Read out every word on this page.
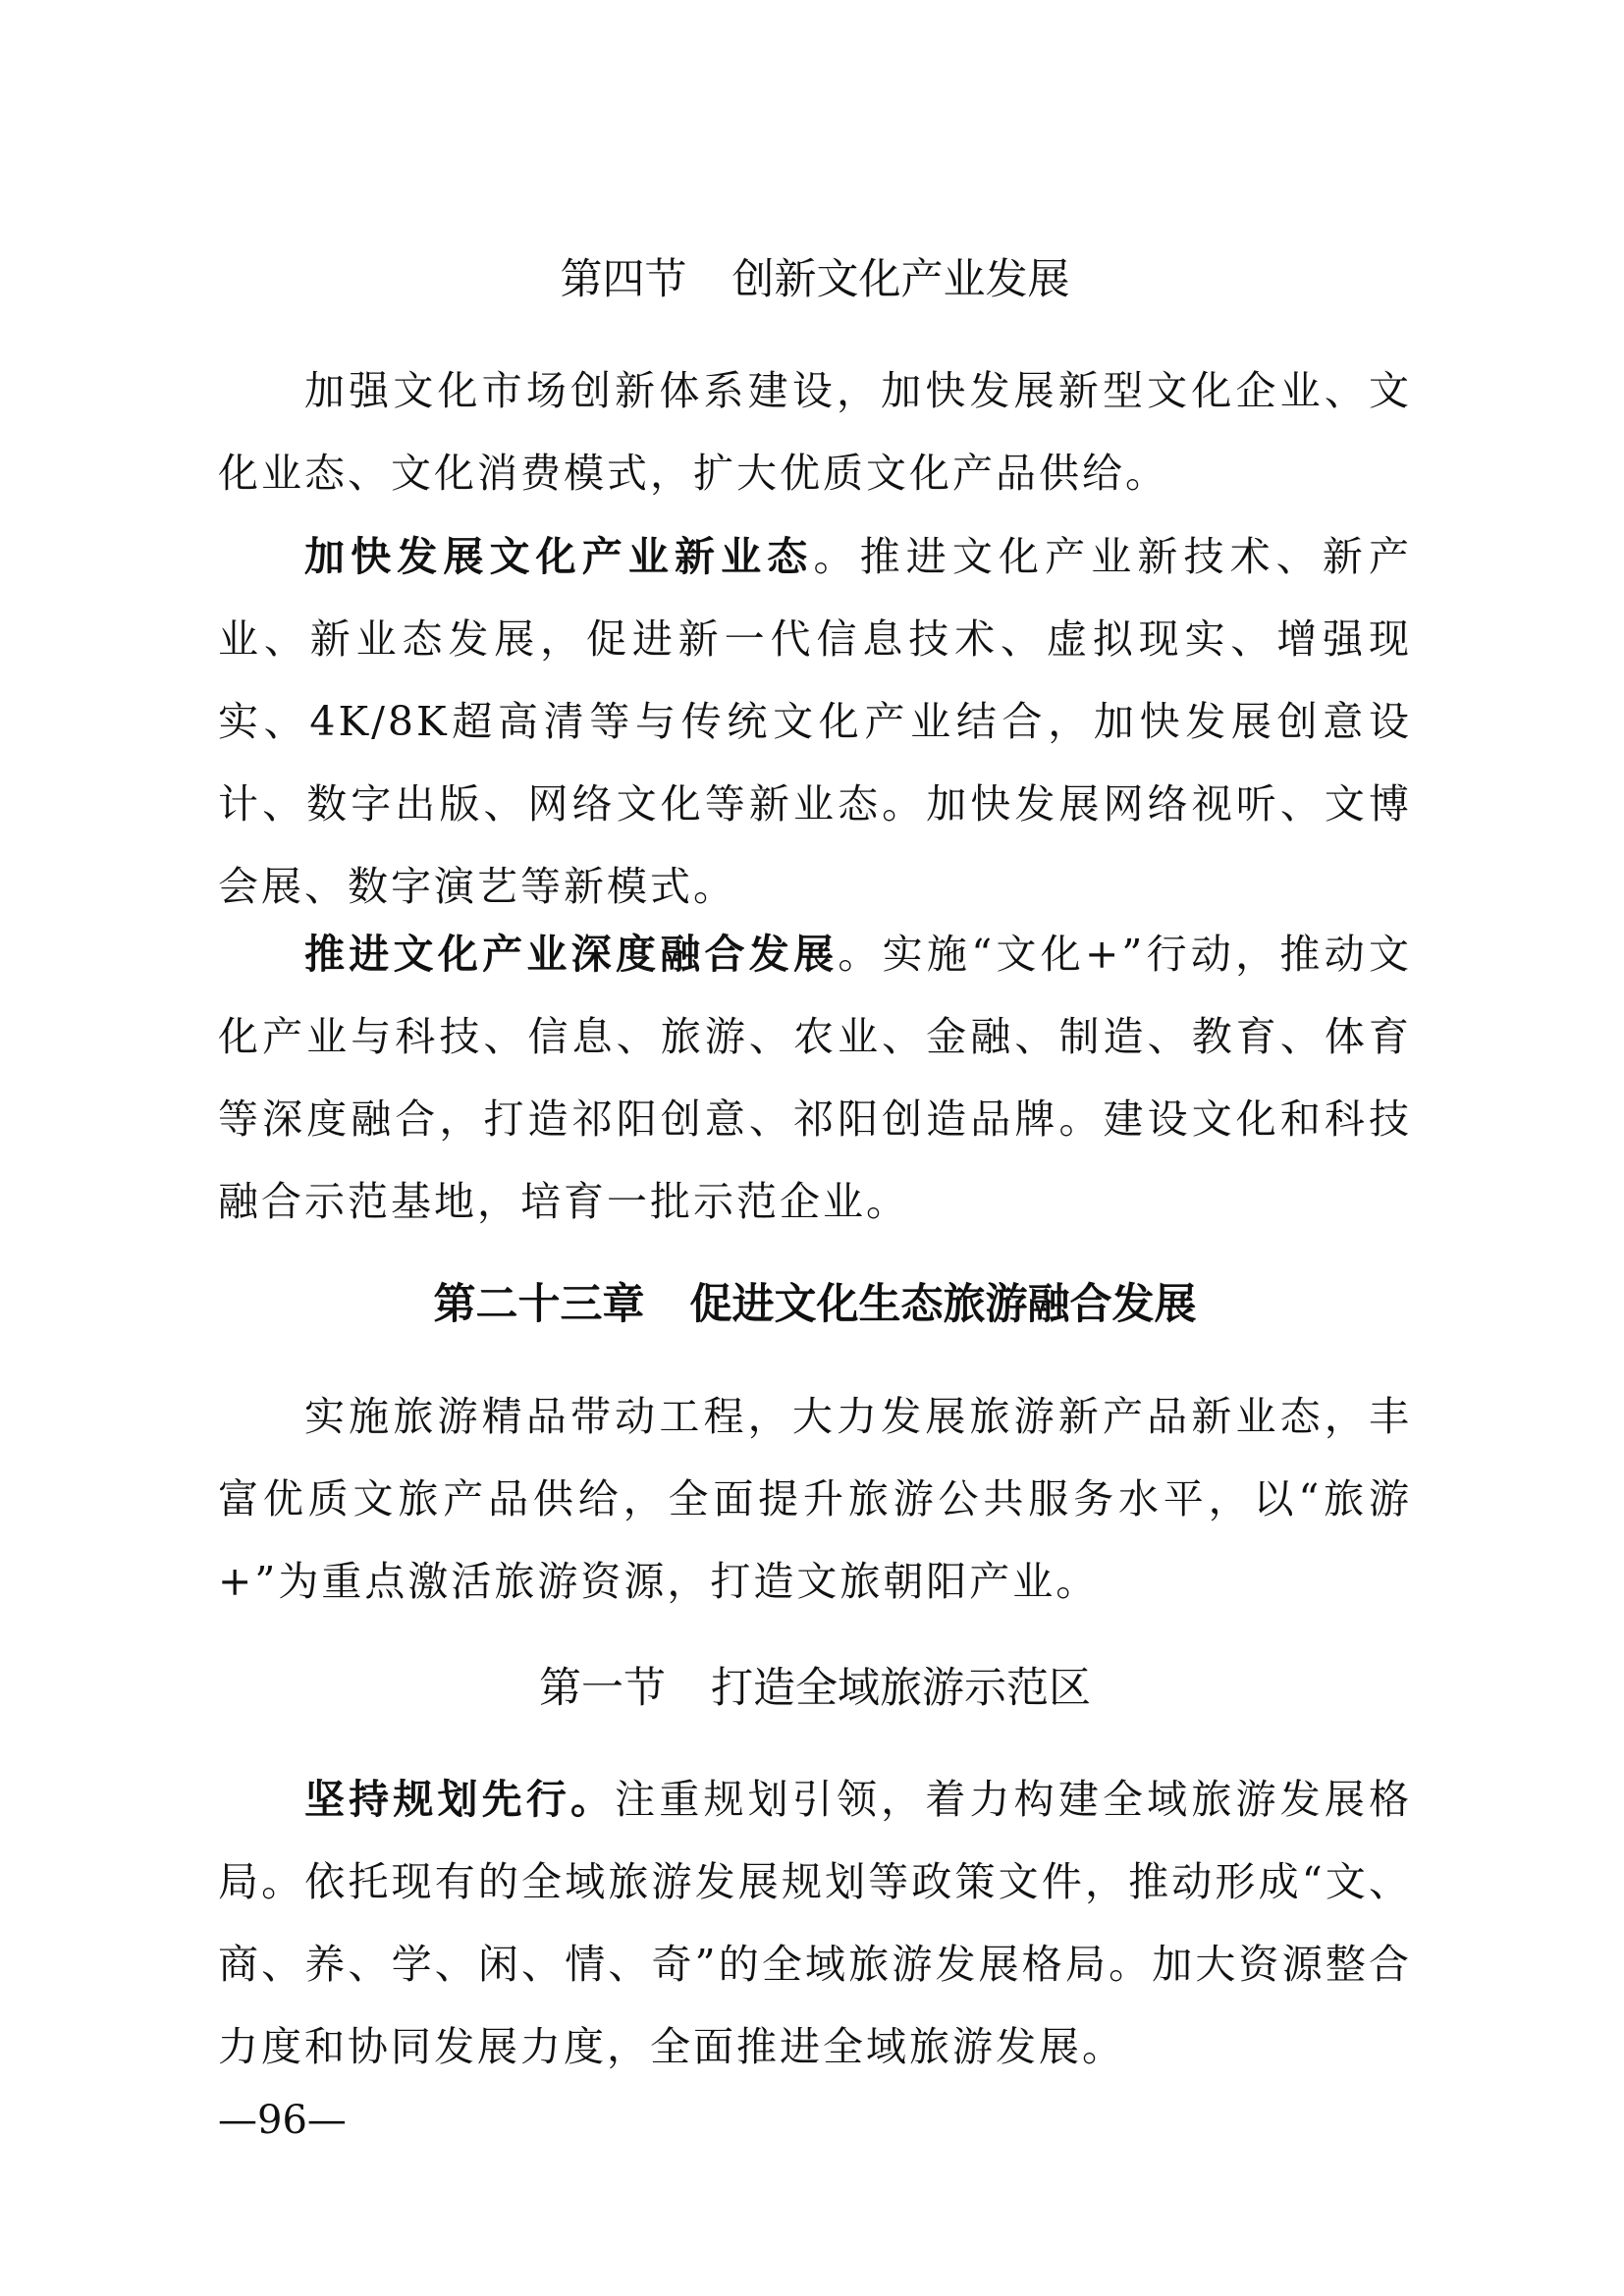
第四节 创新文化产业发展

加强文化市场创新体系建设，加快发展新型文化企业、文化业态、文化消费模式，扩大优质文化产品供给。

加快发展文化产业新业态。推进文化产业新技术、新产业、新业态发展，促进新一代信息技术、虚拟现实、增强现实、4K/8K超高清等与传统文化产业结合，加快发展创意设计、数字出版、网络文化等新业态。加快发展网络视听、文博会展、数字演艺等新模式。

推进文化产业深度融合发展。实施“文化+”行动，推动文化产业与科技、信息、旅游、农业、金融、制造、教育、体育等深度融合，打造祁阳创意、祁阳创造品牌。建设文化和科技融合示范基地，培育一批示范企业。

第二十三章 促进文化生态旅游融合发展

实施旅游精品带动工程，大力发展旅游新产品新业态，丰富优质文旅产品供给，全面提升旅游公共服务水平，以“旅游+”为重点激活旅游资源，打造文旅朝阳产业。

第一节 打造全域旅游示范区

坚持规划先行。注重规划引领，着力构建全域旅游发展格局。依托现有的全域旅游发展规划等政策文件，推动形成“文、商、养、学、闲、情、奇”的全域旅游发展格局。加大资源整合力度和协同发展力度，全面推进全域旅游发展。

—96—
